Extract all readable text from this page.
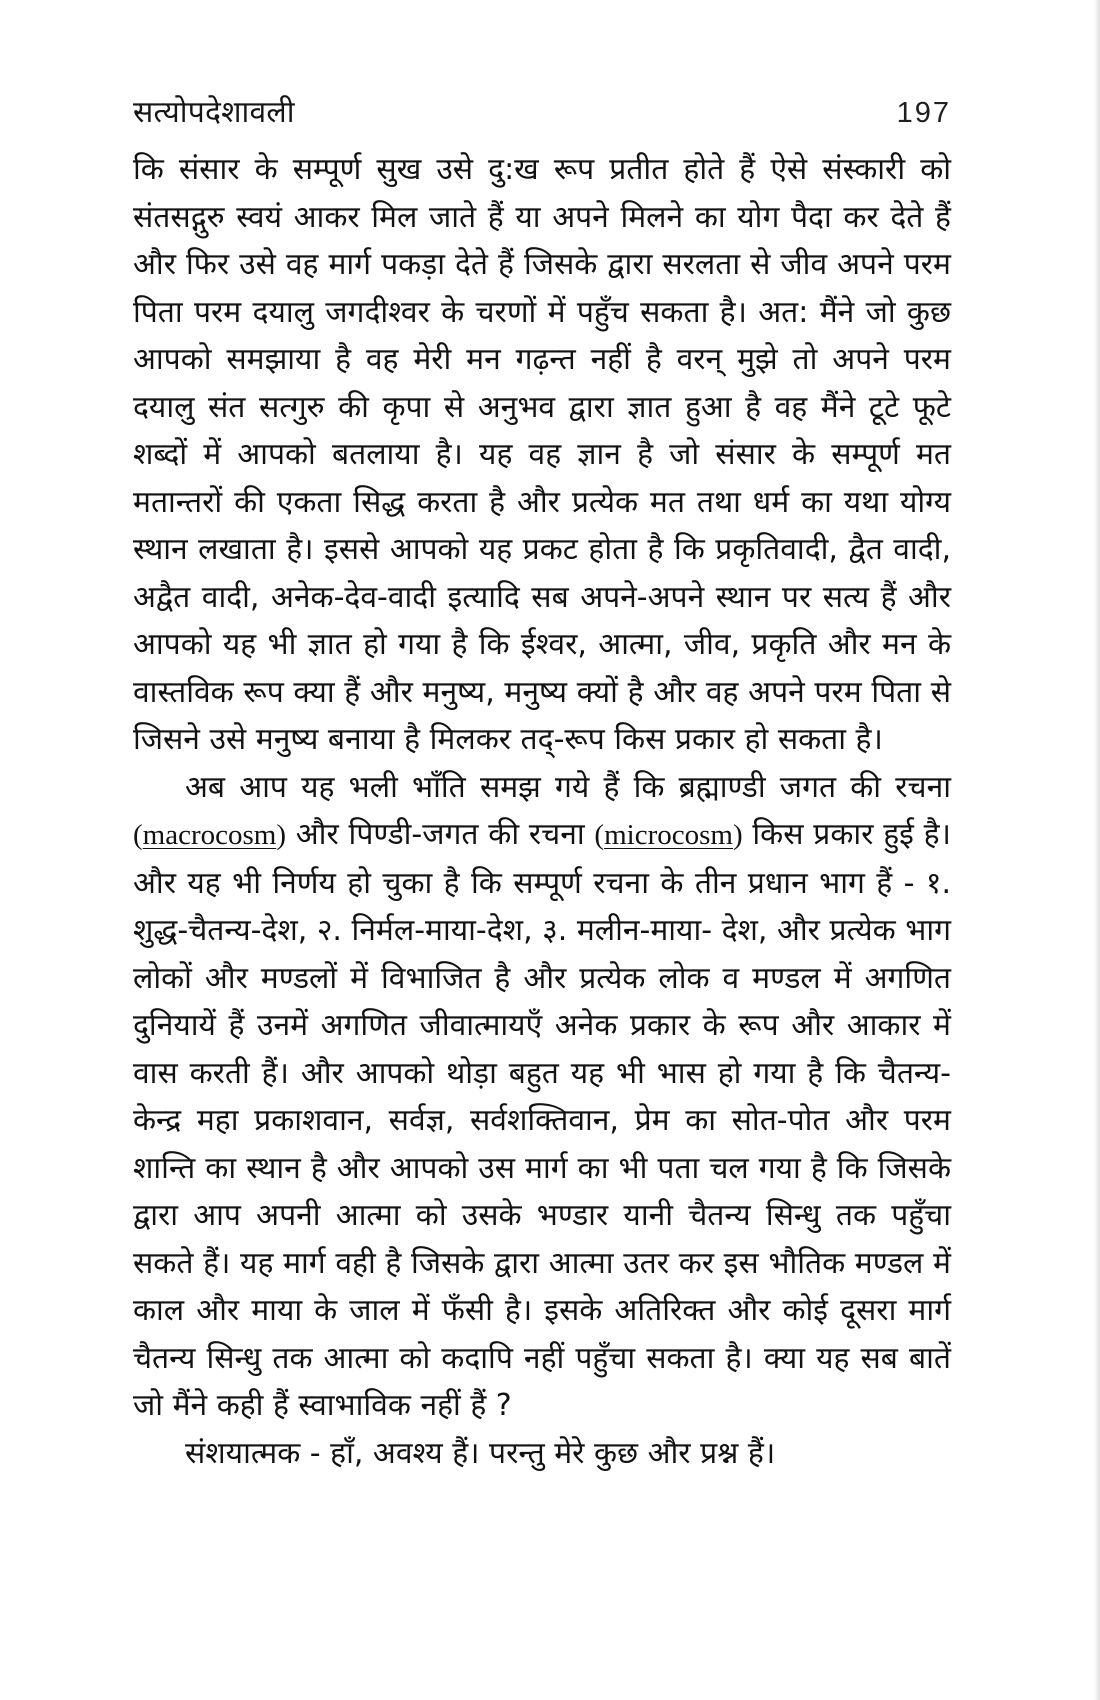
सत्योपदेशावली	197

कि संसार के सम्पूर्ण सुख उसे दु:ख रूप प्रतीत होते हैं ऐसे संस्कारी को संतसद्गुरु स्वयं आकर मिल जाते हैं या अपने मिलने का योग पैदा कर देते हैं और फिर उसे वह मार्ग पकड़ा देते हैं जिसके द्वारा सरलता से जीव अपने परम पिता परम दयालु जगदीश्वर के चरणों में पहुँच सकता है। अत: मैंने जो कुछ आपको समझाया है वह मेरी मन गढ़न्त नहीं है वरन् मुझे तो अपने परम दयालु संत सत्गुरु की कृपा से अनुभव द्वारा ज्ञात हुआ है वह मैंने टूटे फूटे शब्दों में आपको बतलाया है। यह वह ज्ञान है जो संसार के सम्पूर्ण मत मतान्तरों की एकता सिद्ध करता है और प्रत्येक मत तथा धर्म का यथा योग्य स्थान लखाता है। इससे आपको यह प्रकट होता है कि प्रकृतिवादी, द्वैत वादी, अद्वैत वादी, अनेक-देव-वादी इत्यादि सब अपने-अपने स्थान पर सत्य हैं और आपको यह भी ज्ञात हो गया है कि ईश्वर, आत्मा, जीव, प्रकृति और मन के वास्तविक रूप क्या हैं और मनुष्य, मनुष्य क्यों है और वह अपने परम पिता से जिसने उसे मनुष्य बनाया है मिलकर तद्-रूप किस प्रकार हो सकता है।

अब आप यह भली भाँति समझ गये हैं कि ब्रह्माण्डी जगत की रचना (macrocosm) और पिण्डी-जगत की रचना (microcosm) किस प्रकार हुई है। और यह भी निर्णय हो चुका है कि सम्पूर्ण रचना के तीन प्रधान भाग हैं - १. शुद्ध-चैतन्य-देश, २. निर्मल-माया-देश, ३. मलीन-माया- देश, और प्रत्येक भाग लोकों और मण्डलों में विभाजित है और प्रत्येक लोक व मण्डल में अगणित दुनियायें हैं उनमें अगणित जीवात्मायएँ अनेक प्रकार के रूप और आकार में वास करती हैं। और आपको थोड़ा बहुत यह भी भास हो गया है कि चैतन्य-केन्द्र महा प्रकाशवान, सर्वज्ञ, सर्वशक्तिवान, प्रेम का सोत-पोत और परम शान्ति का स्थान है और आपको उस मार्ग का भी पता चल गया है कि जिसके द्वारा आप अपनी आत्मा को उसके भण्डार यानी चैतन्य सिन्धु तक पहुँचा सकते हैं। यह मार्ग वही है जिसके द्वारा आत्मा उतर कर इस भौतिक मण्डल में काल और माया के जाल में फँसी है। इसके अतिरिक्त और कोई दूसरा मार्ग चैतन्य सिन्धु तक आत्मा को कदापि नहीं पहुँचा सकता है। क्या यह सब बातें जो मैंने कही हैं स्वाभाविक नहीं हैं ?

संशयात्मक - हाँ, अवश्य हैं। परन्तु मेरे कुछ और प्रश्न हैं।
